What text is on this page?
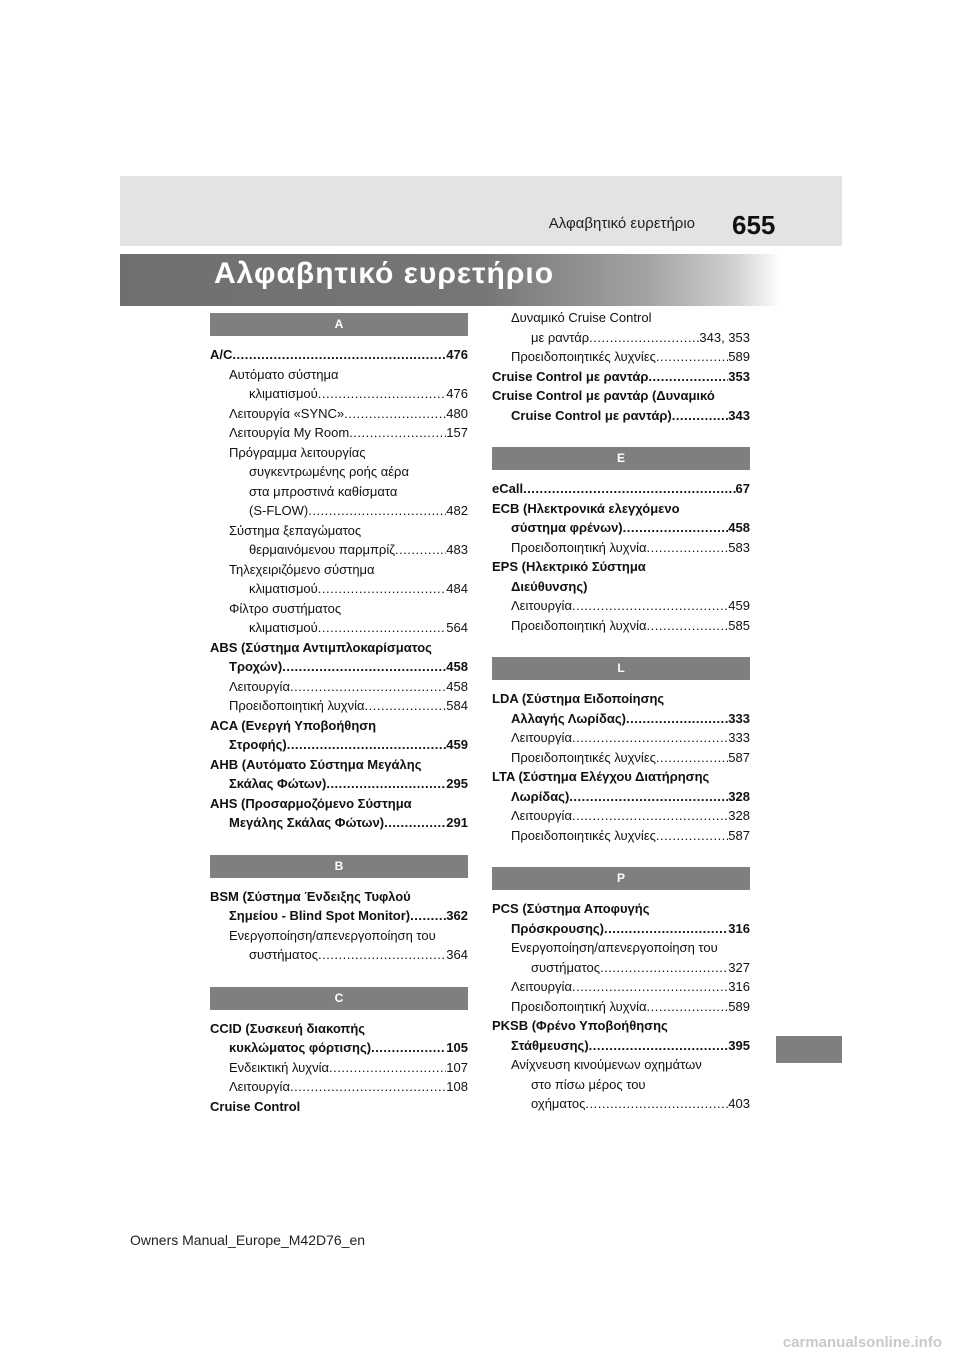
Αλφαβητικό ευρετήριο 655
Αλφαβητικό ευρετήριο
A
A/C .....	476
Αυτόματο σύστημα
κλιματισμού .....	476
Λειτουργία «SYNC» .....	480
Λειτουργία My Room .....	157
Πρόγραμμα λειτουργίας
συγκεντρωμένης ροής αέρα
στα μπροστινά καθίσματα
(S-FLOW) .....	482
Σύστημα ξεπαγώματος
θερμαινόμενου παρμπρίζ .....	483
Τηλεχειριζόμενο σύστημα
κλιματισμού .....	484
Φίλτρο συστήματος
κλιματισμού .....	564
ABS (Σύστημα Αντιμπλοκαρίσματος
Τροχών) .....	458
Λειτουργία .....	458
Προειδοποιητική λυχνία .....	584
ACA (Ενεργή Υποβοήθηση
Στροφής) .....	459
AHB (Αυτόματο Σύστημα Μεγάλης
Σκάλας Φώτων) .....	295
AHS (Προσαρμοζόμενο Σύστημα
Μεγάλης Σκάλας Φώτων) .....	291
B
BSM (Σύστημα Ένδειξης Τυφλού
Σημείου - Blind Spot Monitor) .....	362
Ενεργοποίηση/απενεργοποίηση του
συστήματος .....	364
C
CCID (Συσκευή διακοπής
κυκλώματος φόρτισης) .....	105
Ενδεικτική λυχνία .....	107
Λειτουργία .....	108
Cruise Control
Δυναμικό Cruise Control
με ραντάρ .....	343, 353
Προειδοποιητικές λυχνίες .....	589
Cruise Control με ραντάρ .....	353
Cruise Control με ραντάρ (Δυναμικό
Cruise Control με ραντάρ) .....	343
E
eCall .....	67
ECB (Ηλεκτρονικά ελεγχόμενο
σύστημα φρένων) .....	458
Προειδοποιητική λυχνία .....	583
EPS (Ηλεκτρικό Σύστημα
Διεύθυνσης)
Λειτουργία .....	459
Προειδοποιητική λυχνία .....	585
L
LDA (Σύστημα Ειδοποίησης
Αλλαγής Λωρίδας) .....	333
Λειτουργία .....	333
Προειδοποιητικές λυχνίες .....	587
LTA (Σύστημα Ελέγχου Διατήρησης
Λωρίδας) .....	328
Λειτουργία .....	328
Προειδοποιητικές λυχνίες .....	587
P
PCS (Σύστημα Αποφυγής
Πρόσκρουσης) .....	316
Ενεργοποίηση/απενεργοποίηση του
συστήματος .....	327
Λειτουργία .....	316
Προειδοποιητική λυχνία .....	589
PKSB (Φρένο Υποβοήθησης
Στάθμευσης) .....	395
Ανίχνευση κινούμενων οχημάτων
στο πίσω μέρος του
οχήματος .....	403
Owners Manual_Europe_M42D76_en
carmanualsonline.info
